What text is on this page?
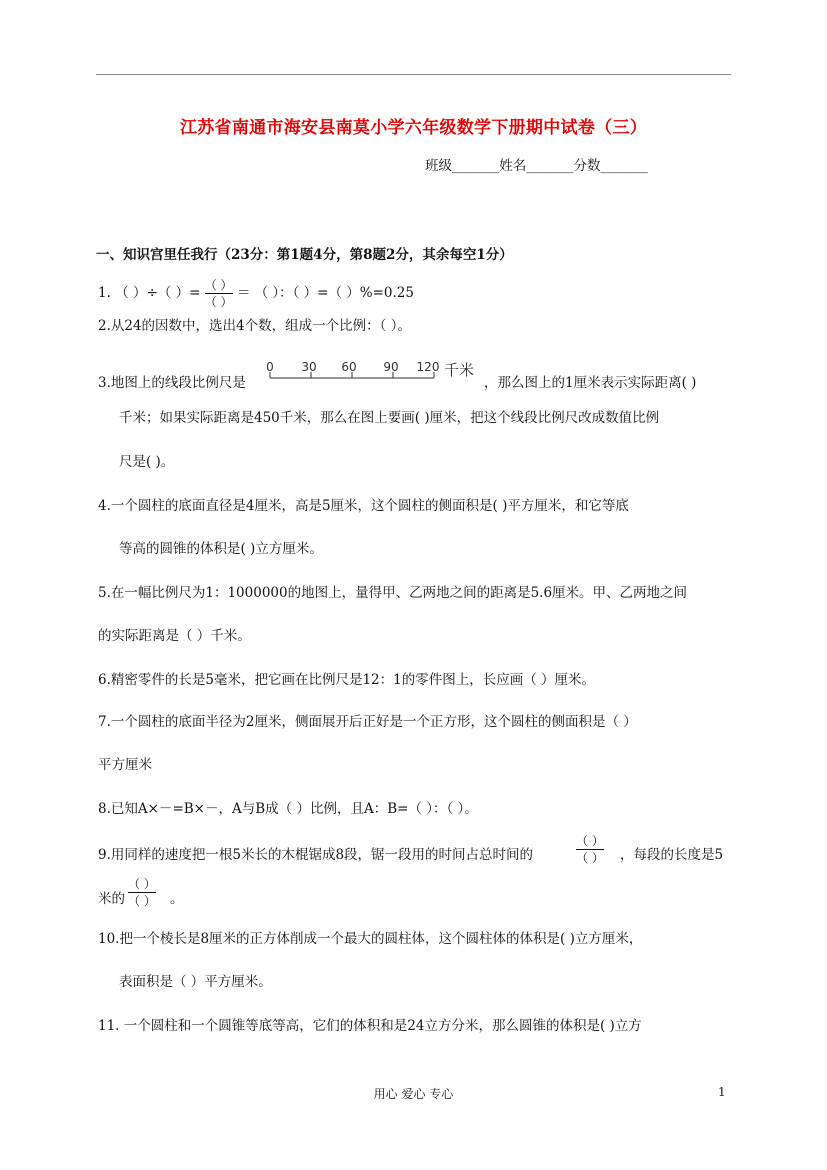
江苏省南通市海安县南莫小学六年级数学下册期中试卷（三）
班级_______姓名_______分数_______
一、知识宫里任我行（23分：第1题4分，第8题2分，其余每空1分）
1. （ ）÷（ ）= $\frac{( )}{( )}$ ＝ （ ）：（ ）=（ ）%=0.25
2.从24的因数中，选出4个数，组成一个比例：（ ）。
3.地图上的线段比例尺是
0 30 60 90 120 千米
，那么图上的1厘米表示实际距离( )
千米；如果实际距离是450千米，那么在图上要画( )厘米，把这个线段比例尺改成数值比例
尺是( )。
4.一个圆柱的底面直径是4厘米，高是5厘米，这个圆柱的侧面积是( )平方厘米，和它等底
等高的圆锥的体积是( )立方厘米。
5.在一幅比例尺为1：1000000的地图上，量得甲、乙两地之间的距离是5.6厘米。甲、乙两地之间
的实际距离是（ ）千米。
6.精密零件的长是5毫米，把它画在比例尺是12：1的零件图上，长应画（ ）厘米。
7.一个圆柱的底面半径为2厘米，侧面展开后正好是一个正方形，这个圆柱的侧面积是（ ）
平方厘米
8.已知A×－=B×－，A与B成（ ）比例，且A：B=（ ）：（ ）。
9.用同样的速度把一根5米长的木棍锯成8段，锯一段用的时间占总时间的
（ ）
（ ） ，每段的长度是5
米的
（ ）
（ ） 。
10.把一个棱长是8厘米的正方体削成一个最大的圆柱体，这个圆柱体的体积是( )立方厘米，
表面积是（ ）平方厘米。
11. 一个圆柱和一个圆锥等底等高，它们的体积和是24立方分米，那么圆锥的体积是( )立方
用心 爱心 专心	1
